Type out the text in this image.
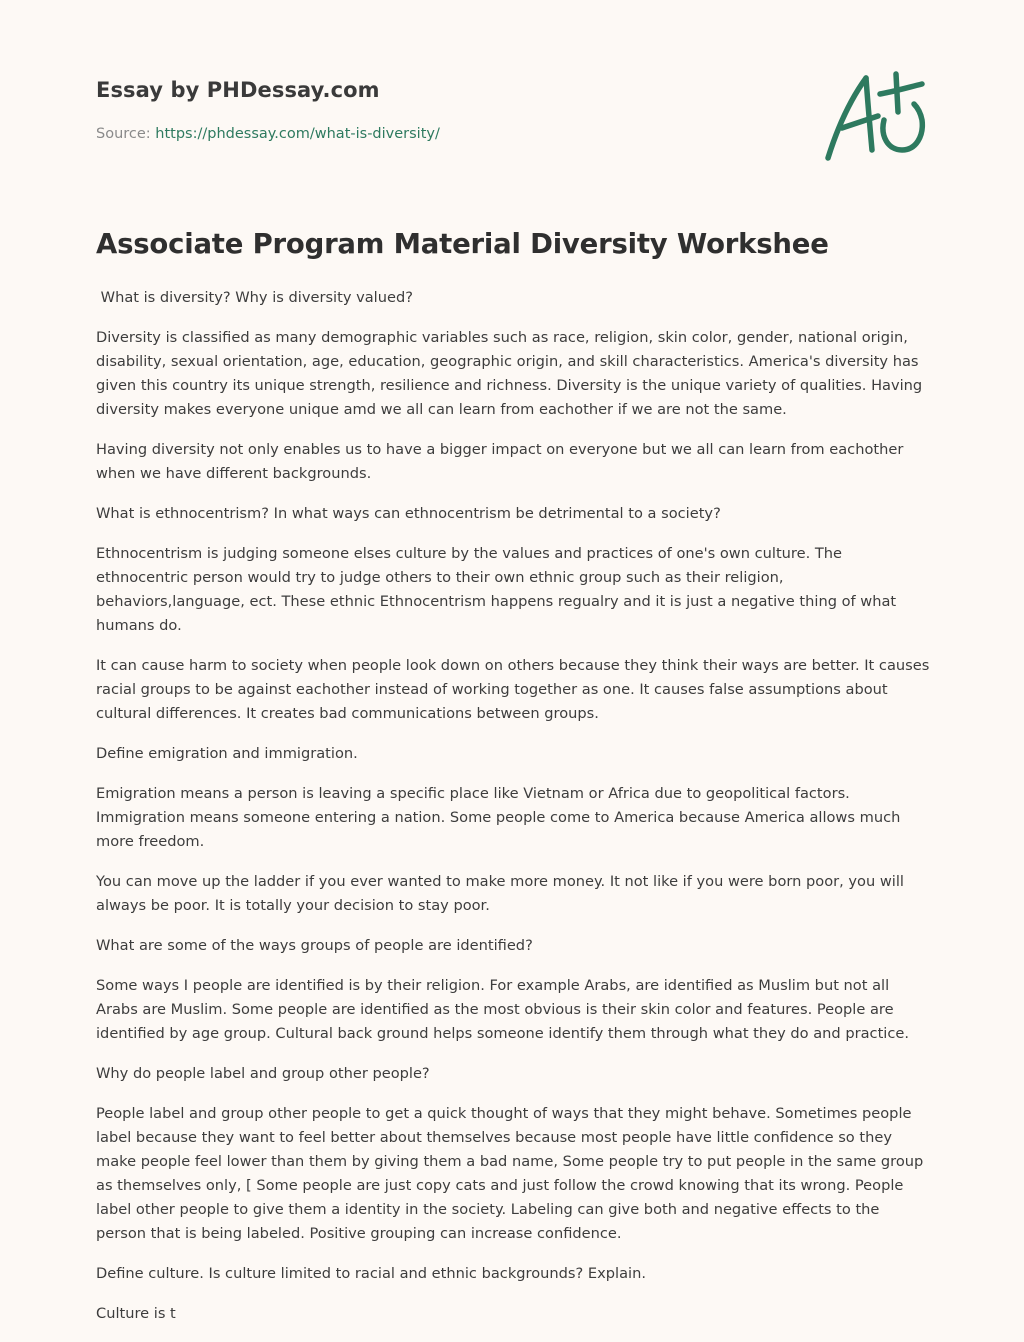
Essay by PHDessay.com
Source: https://phdessay.com/what-is-diversity/
Associate Program Material Diversity Workshee

What is diversity? Why is diversity valued?

Diversity is classified as many demographic variables such as race, religion, skin color, gender, national origin, disability, sexual orientation, age, education, geographic origin, and skill characteristics. America's diversity has given this country its unique strength, resilience and richness. Diversity is the unique variety of qualities. Having diversity makes everyone unique amd we all can learn from eachother if we are not the same.

Having diversity not only enables us to have a bigger impact on everyone but we all can learn from eachother when we have different backgrounds.

What is ethnocentrism? In what ways can ethnocentrism be detrimental to a society?

Ethnocentrism is judging someone elses culture by the values and practices of one's own culture. The ethnocentric person would try to judge others to their own ethnic group such as their religion, behaviors,language, ect. These ethnic Ethnocentrism happens regualry and it is just a negative thing of what humans do.

It can cause harm to society when people look down on others because they think their ways are better. It causes racial groups to be against eachother instead of working together as one. It causes false assumptions about cultural differences. It creates bad communications between groups.

Define emigration and immigration.

Emigration means a person is leaving a specific place like Vietnam or Africa due to geopolitical factors. Immigration means someone entering a nation. Some people come to America because America allows much more freedom.

You can move up the ladder if you ever wanted to make more money. It not like if you were born poor, you will always be poor. It is totally your decision to stay poor.

What are some of the ways groups of people are identified?

Some ways I people are identified is by their religion. For example Arabs, are identified as Muslim but not all Arabs are Muslim. Some people are identified as the most obvious is their skin color and features. People are identified by age group. Cultural back ground helps someone identify them through what they do and practice.

Why do people label and group other people?

People label and group other people to get a quick thought of ways that they might behave. Sometimes people label because they want to feel better about themselves because most people have little confidence so they make people feel lower than them by giving them a bad name, Some people try to put people in the same group as themselves only, [ Some people are just copy cats and just follow the crowd knowing that its wrong. People label other people to give them a identity in the society. Labeling can give both and negative effects to the person that is being labeled. Positive grouping can increase confidence.

Define culture. Is culture limited to racial and ethnic backgrounds? Explain.

Culture is t
